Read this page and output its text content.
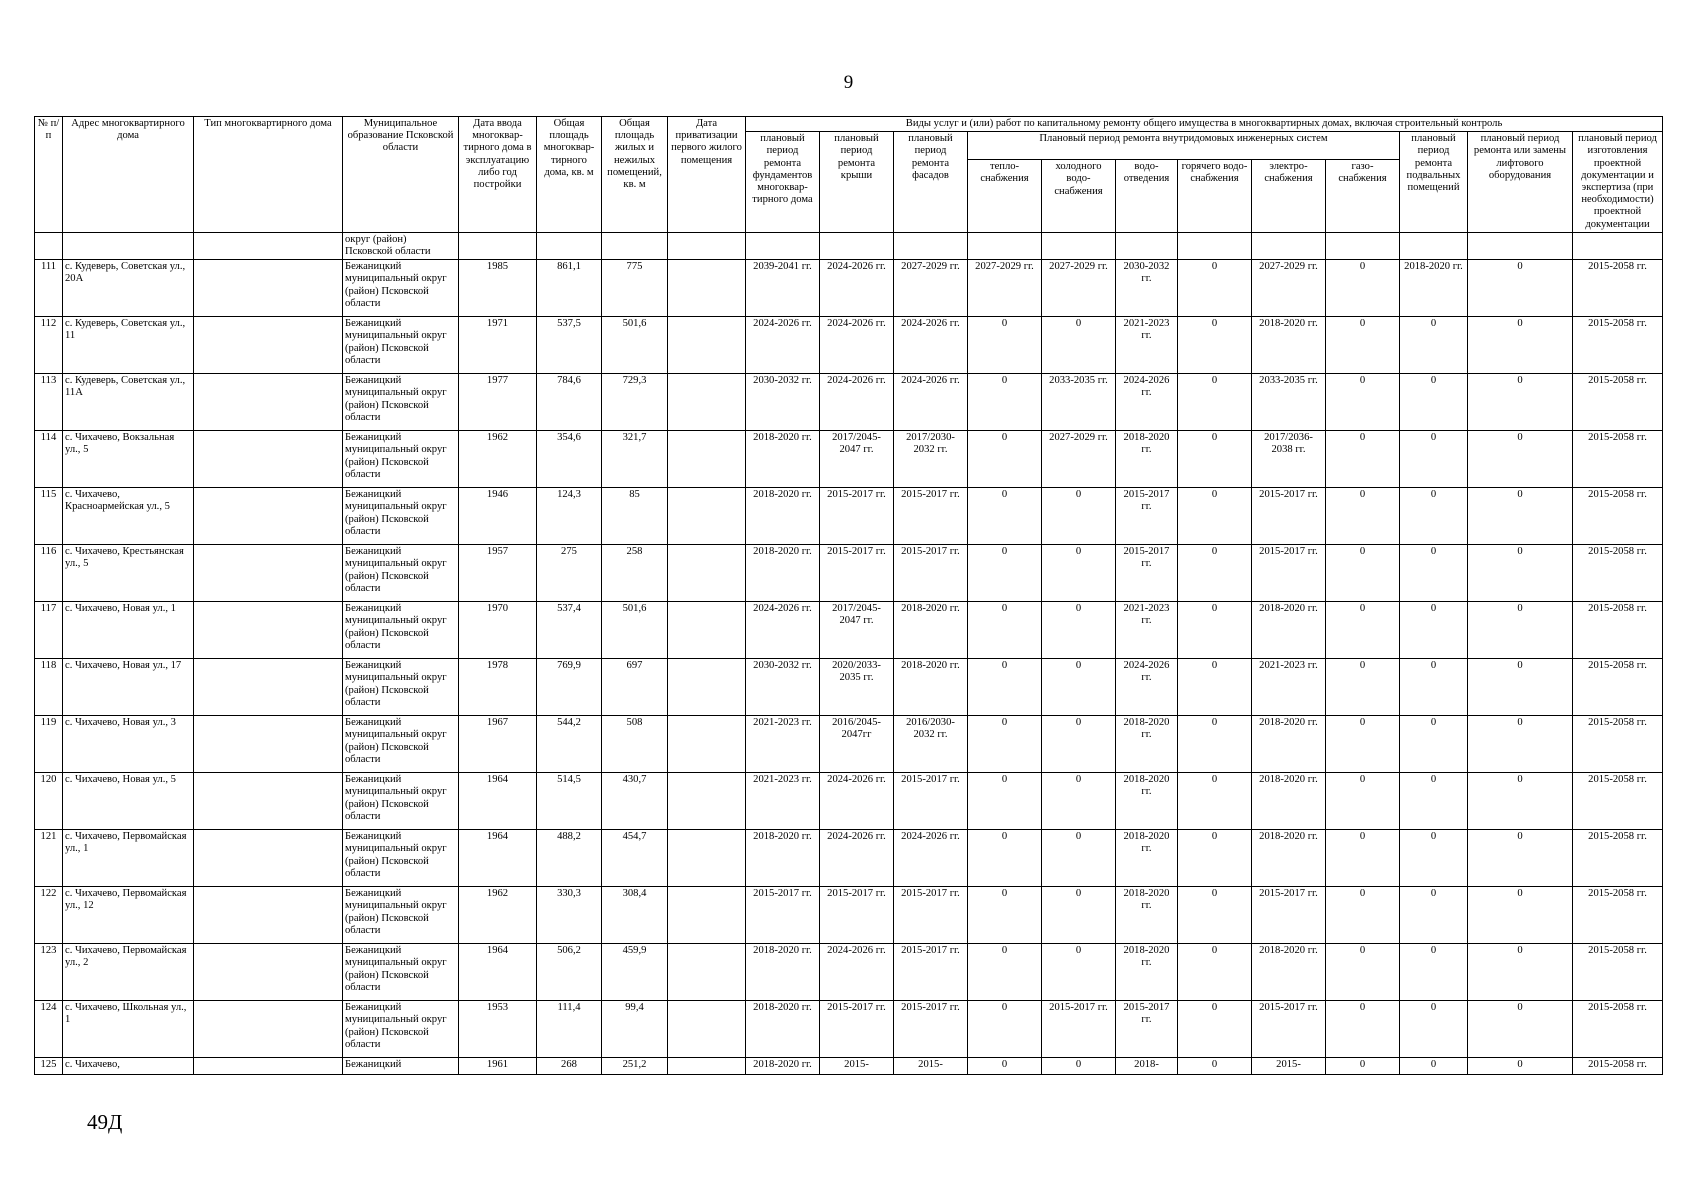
9
№ п/п	Адрес многоквартирного дома	Тип многоквартирного дома	Муниципальное образование Псковской области	Дата ввода многоквар-тирного дома в эксплуатацию либо год постройки	Общая площадь многоквар-тирного дома, кв. м	Общая площадь жилых и нежилых помещений, кв. м	Дата приватизации первого жилого помещения	Виды услуг и (или) работ по капитальному ремонту общего имущества в многоквартирных домах, включая строительный контроль											
								плановый период ремонта фундаментов многоквар-тирного дома	плановый период ремонта крыши	плановый период ремонта фасадов	Плановый период ремонта внутридомовых инженерных систем						плановый период ремонта подвальных помещений	плановый период ремонта или замены лифтового оборудования	плановый период изготовления проектной документации и экспертиза (при необходимости) проектной документации
											тепло-снабжения	холодного водо-снабжения	водо-отведения	горячего водо-снабжения	электро-снабжения	газо-снабжения			
			округ (район) Псковской области																
111	с. Кудеверь, Советская ул., 20А		Бежаницкий муниципальный округ (район) Псковской области	1985	861,1	775		2039-2041 гг.	2024-2026 гг.	2027-2029 гг.	2027-2029 гг.	2027-2029 гг.	2030-2032 гг.	0	2027-2029 гг.	0	2018-2020 гг.	0	2015-2058 гг.
112	с. Кудеверь, Советская ул., 11		Бежаницкий муниципальный округ (район) Псковской области	1971	537,5	501,6		2024-2026 гг.	2024-2026 гг.	2024-2026 гг.	0	0	2021-2023 гг.	0	2018-2020 гг.	0	0	0	2015-2058 гг.
113	с. Кудеверь, Советская ул., 11А		Бежаницкий муниципальный округ (район) Псковской области	1977	784,6	729,3		2030-2032 гг.	2024-2026 гг.	2024-2026 гг.	0	2033-2035 гг.	2024-2026 гг.	0	2033-2035 гг.	0	0	0	2015-2058 гг.
114	с. Чихачево, Вокзальная ул., 5		Бежаницкий муниципальный округ (район) Псковской области	1962	354,6	321,7		2018-2020 гг.	2017/2045-2047 гг.	2017/2030-2032 гг.	0	2027-2029 гг.	2018-2020 гг.	0	2017/2036-2038 гг.	0	0	0	2015-2058 гг.
115	с. Чихачево, Красноармейская ул., 5		Бежаницкий муниципальный округ (район) Псковской области	1946	124,3	85		2018-2020 гг.	2015-2017 гг.	2015-2017 гг.	0	0	2015-2017 гг.	0	2015-2017 гг.	0	0	0	2015-2058 гг.
116	с. Чихачево, Крестьянская ул., 5		Бежаницкий муниципальный округ (район) Псковской области	1957	275	258		2018-2020 гг.	2015-2017 гг.	2015-2017 гг.	0	0	2015-2017 гг.	0	2015-2017 гг.	0	0	0	2015-2058 гг.
117	с. Чихачево, Новая ул., 1		Бежаницкий муниципальный округ (район) Псковской области	1970	537,4	501,6		2024-2026 гг.	2017/2045-2047 гг.	2018-2020 гг.	0	0	2021-2023 гг.	0	2018-2020 гг.	0	0	0	2015-2058 гг.
118	с. Чихачево, Новая ул., 17		Бежаницкий муниципальный округ (район) Псковской области	1978	769,9	697		2030-2032 гг.	2020/2033-2035 гг.	2018-2020 гг.	0	0	2024-2026 гг.	0	2021-2023 гг.	0	0	0	2015-2058 гг.
119	с. Чихачево, Новая ул., 3		Бежаницкий муниципальный округ (район) Псковской области	1967	544,2	508		2021-2023 гг.	2016/2045-2047гг	2016/2030-2032 гг.	0	0	2018-2020 гг.	0	2018-2020 гг.	0	0	0	2015-2058 гг.
120	с. Чихачево, Новая ул., 5		Бежаницкий муниципальный округ (район) Псковской области	1964	514,5	430,7		2021-2023 гг.	2024-2026 гг.	2015-2017 гг.	0	0	2018-2020 гг.	0	2018-2020 гг.	0	0	0	2015-2058 гг.
121	с. Чихачево, Первомайская ул., 1		Бежаницкий муниципальный округ (район) Псковской области	1964	488,2	454,7		2018-2020 гг.	2024-2026 гг.	2024-2026 гг.	0	0	2018-2020 гг.	0	2018-2020 гг.	0	0	0	2015-2058 гг.
122	с. Чихачево, Первомайская ул., 12		Бежаницкий муниципальный округ (район) Псковской области	1962	330,3	308,4		2015-2017 гг.	2015-2017 гг.	2015-2017 гг.	0	0	2018-2020 гг.	0	2015-2017 гг.	0	0	0	2015-2058 гг.
123	с. Чихачево, Первомайская ул., 2		Бежаницкий муниципальный округ (район) Псковской области	1964	506,2	459,9		2018-2020 гг.	2024-2026 гг.	2015-2017 гг.	0	0	2018-2020 гг.	0	2018-2020 гг.	0	0	0	2015-2058 гг.
124	с. Чихачево, Школьная ул., 1		Бежаницкий муниципальный округ (район) Псковской области	1953	111,4	99,4		2018-2020 гг.	2015-2017 гг.	2015-2017 гг.	0	2015-2017 гг.	2015-2017 гг.	0	2015-2017 гг.	0	0	0	2015-2058 гг.
125	с. Чихачево,		Бежаницкий	1961	268	251,2		2018-2020 гг.	2015-	2015-	0	0	2018-	0	2015-	0	0	0	2015-2058 гг.
49Д
